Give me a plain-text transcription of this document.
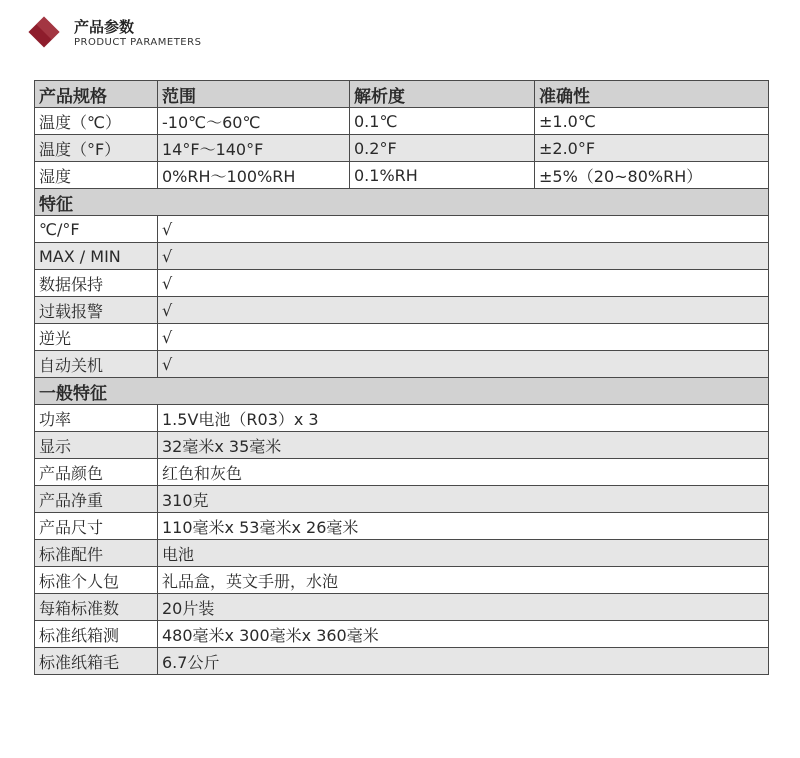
产品参数
PRODUCT PARAMETERS
产品规格	范围	解析度	准确性
温度（℃）	-10℃～60℃	0.1℃	±1.0℃
温度（°F）	14°F～140°F	0.2°F	±2.0°F
湿度	0%RH～100%RH	0.1%RH	±5%（20~80%RH）
特征			
℃/°F	√		
MAX / MIN	√		
数据保持	√		
过载报警	√		
逆光	√		
自动关机	√		
一般特征			
功率	1.5V电池（R03）x 3		
显示	32毫米x 35毫米		
产品颜色	红色和灰色		
产品净重	310克		
产品尺寸	110毫米x 53毫米x 26毫米		
标准配件	电池		
标准个人包	礼品盒，英文手册，水泡		
每箱标准数	20片装		
标准纸箱测	480毫米x 300毫米x 360毫米		
标准纸箱毛	6.7公斤		
